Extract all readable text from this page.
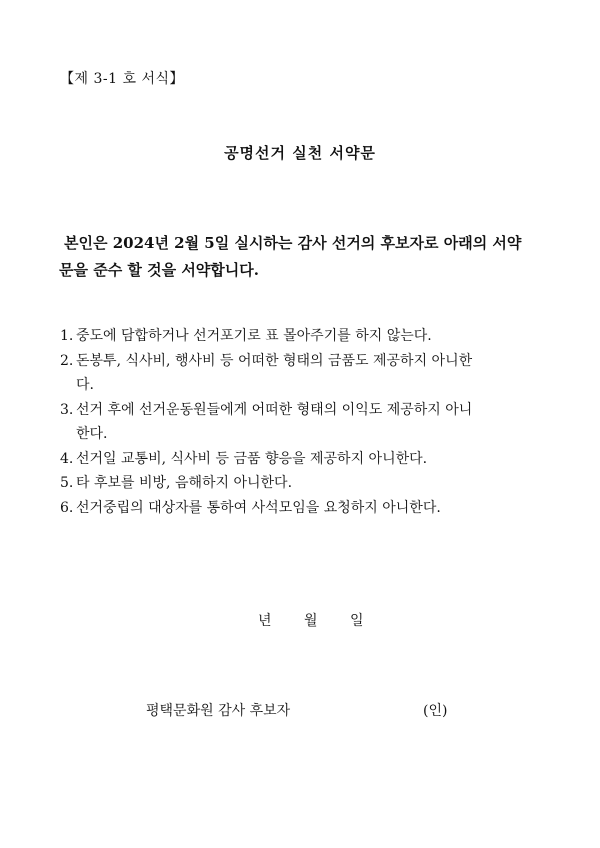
【제 3-1 호 서식】
공명선거 실천 서약문
본인은 2024년 2월 5일 실시하는 감사 선거의 후보자로 아래의 서약
문을 준수 할 것을 서약합니다.
1. 중도에 담합하거나 선거포기로 표 몰아주기를 하지 않는다.
2. 돈봉투, 식사비, 행사비 등 어떠한 형태의 금품도 제공하지 아니한
다.
3. 선거 후에 선거운동원들에게 어떠한 형태의 이익도 제공하지 아니
한다.
4. 선거일 교통비, 식사비 등 금품 향응을 제공하지 아니한다.
5. 타 후보를 비방, 음해하지 아니한다.
6. 선거중립의 대상자를 통하여 사석모임을 요청하지 아니한다.
년 월 일
평택문화원 감사 후보자	(인)
